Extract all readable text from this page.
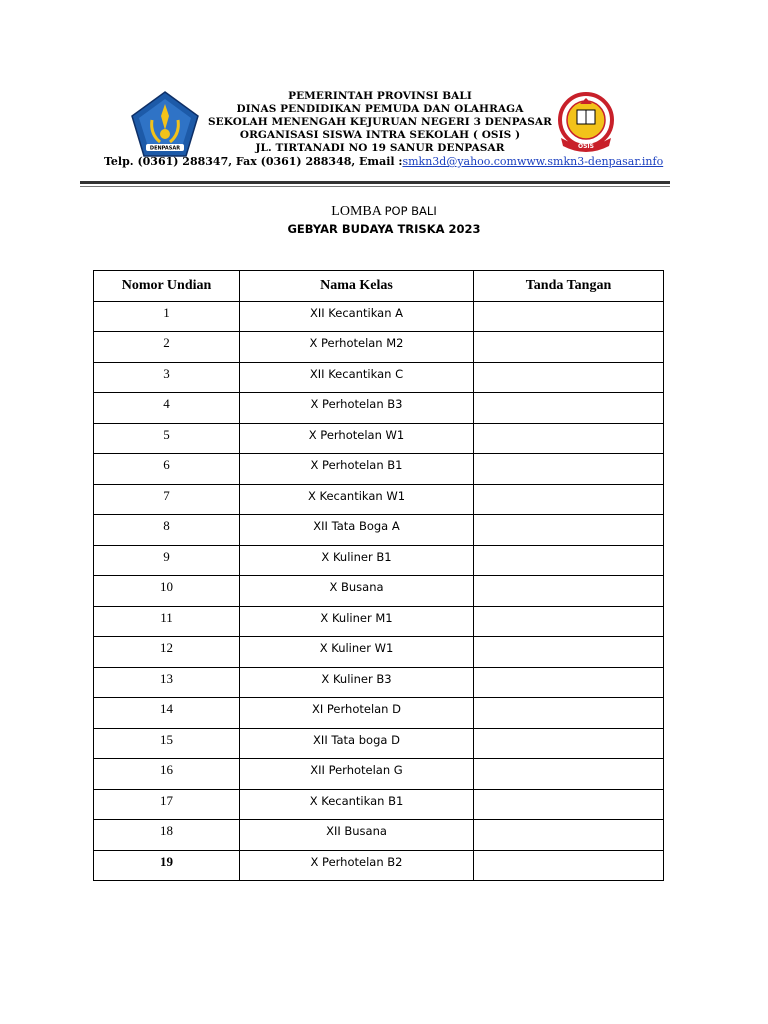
DENPASAR
PEMERINTAH PROVINSI BALI
DINAS PENDIDIKAN PEMUDA DAN OLAHRAGA
SEKOLAH MENENGAH KEJURUAN NEGERI 3 DENPASAR
ORGANISASI SISWA INTRA SEKOLAH ( OSIS )
JL. TIRTANADI NO 19 SANUR DENPASAR	OSIS
Telp. (0361) 288347, Fax (0361) 288348, Email :smkn3d@yahoo.comwww.smkn3-denpasar.info
LOMBA POP BALI
GEBYAR BUDAYA TRISKA 2023
Nomor Undian	Nama Kelas	Tanda Tangan
1	XII Kecantikan A	
2	X Perhotelan M2	
3	XII Kecantikan C	
4	X Perhotelan B3	
5	X Perhotelan W1	
6	X Perhotelan B1	
7	X Kecantikan W1	
8	XII Tata Boga A	
9	X Kuliner B1	
10	X Busana	
11	X Kuliner M1	
12	X Kuliner W1	
13	X Kuliner B3	
14	XI Perhotelan D	
15	XII Tata boga D	
16	XII Perhotelan G	
17	X Kecantikan B1	
18	XII Busana	
19	X Perhotelan B2	
